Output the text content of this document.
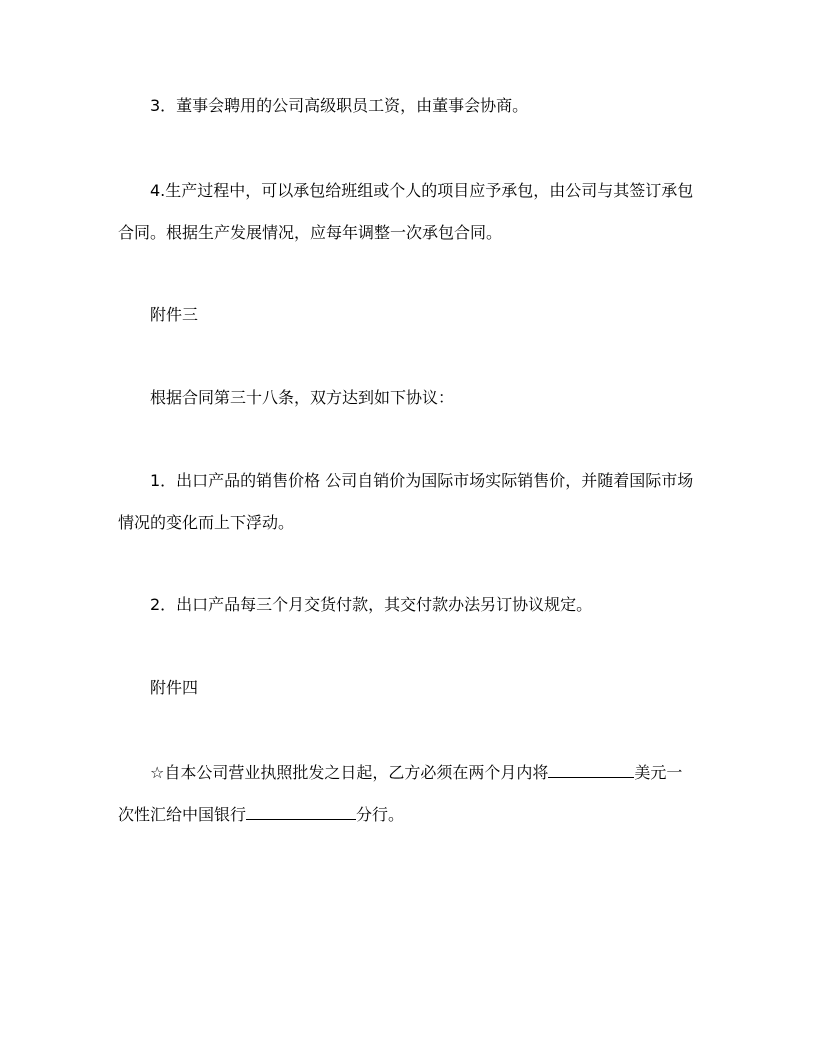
3．董事会聘用的公司高级职员工资，由董事会协商。
4.生产过程中，可以承包给班组或个人的项目应予承包，由公司与其签订承包
合同。根据生产发展情况，应每年调整一次承包合同。
附件三
根据合同第三十八条，双方达到如下协议：
1．出口产品的销售价格 公司自销价为国际市场实际销售价，并随着国际市场
情况的变化而上下浮动。
2．出口产品每三个月交货付款，其交付款办法另订协议规定。
附件四
☆自本公司营业执照批发之日起，乙方必须在两个月内将	美元一
次性汇给中国银行	分行。
